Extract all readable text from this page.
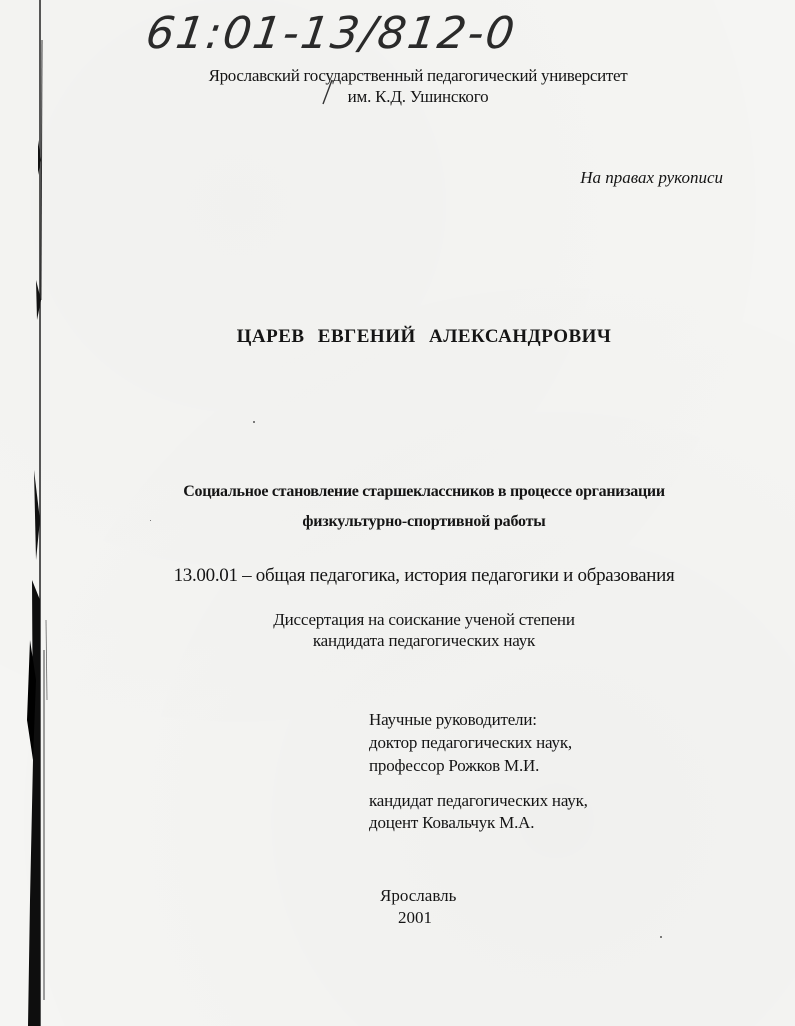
61:01-13/812-0
Ярославский государственный педагогический университет
им. К.Д. Ушинского
На правах рукописи
ЦАРЕВ ЕВГЕНИЙ АЛЕКСАНДРОВИЧ
Социальное становление старшеклассников в процессе организации
физкультурно-спортивной работы
13.00.01 – общая педагогика, история педагогики и образования
Диссертация на соискание ученой степени
кандидата педагогических наук
Научные руководители:
доктор педагогических наук,
профессор Рожков М.И.
кандидат педагогических наук,
доцент Ковальчук М.А.
Ярославль
2001
